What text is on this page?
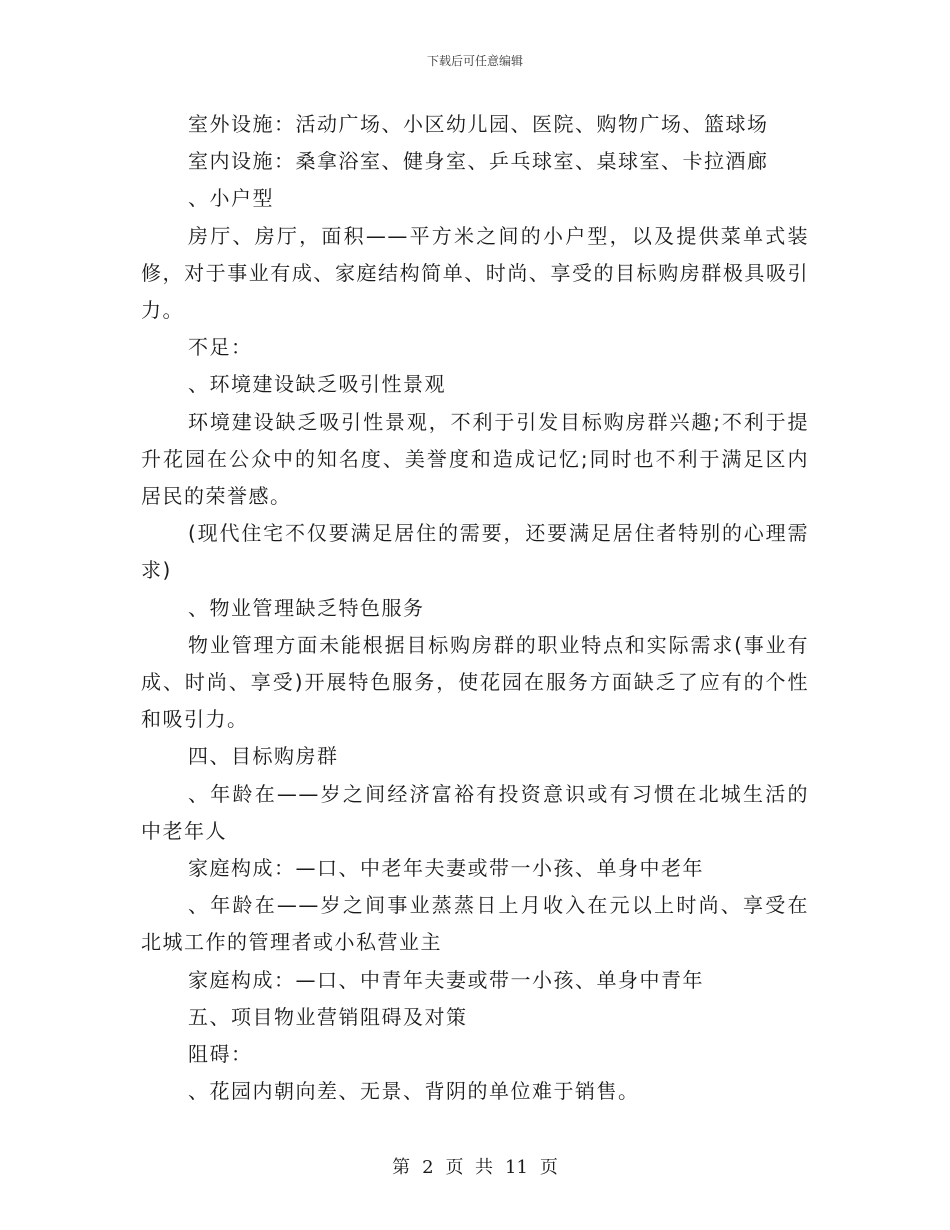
下载后可任意编辑

室外设施：活动广场、小区幼儿园、医院、购物广场、篮球场

室内设施：桑拿浴室、健身室、乒乓球室、桌球室、卡拉酒廊

、小户型

房厅、房厅，面积——平方米之间的小户型，以及提供菜单式装修，对于事业有成、家庭结构简单、时尚、享受的目标购房群极具吸引力。

不足：

、环境建设缺乏吸引性景观

环境建设缺乏吸引性景观，不利于引发目标购房群兴趣;不利于提升花园在公众中的知名度、美誉度和造成记忆;同时也不利于满足区内居民的荣誉感。

(现代住宅不仅要满足居住的需要，还要满足居住者特别的心理需求)

、物业管理缺乏特色服务

物业管理方面未能根据目标购房群的职业特点和实际需求(事业有成、时尚、享受)开展特色服务，使花园在服务方面缺乏了应有的个性和吸引力。

四、目标购房群

、年龄在——岁之间经济富裕有投资意识或有习惯在北城生活的中老年人

家庭构成：—口、中老年夫妻或带一小孩、单身中老年

、年龄在——岁之间事业蒸蒸日上月收入在元以上时尚、享受在北城工作的管理者或小私营业主

家庭构成：—口、中青年夫妻或带一小孩、单身中青年

五、项目物业营销阻碍及对策

阻碍：

、花园内朝向差、无景、背阴的单位难于销售。

第 2 页  共 11 页
